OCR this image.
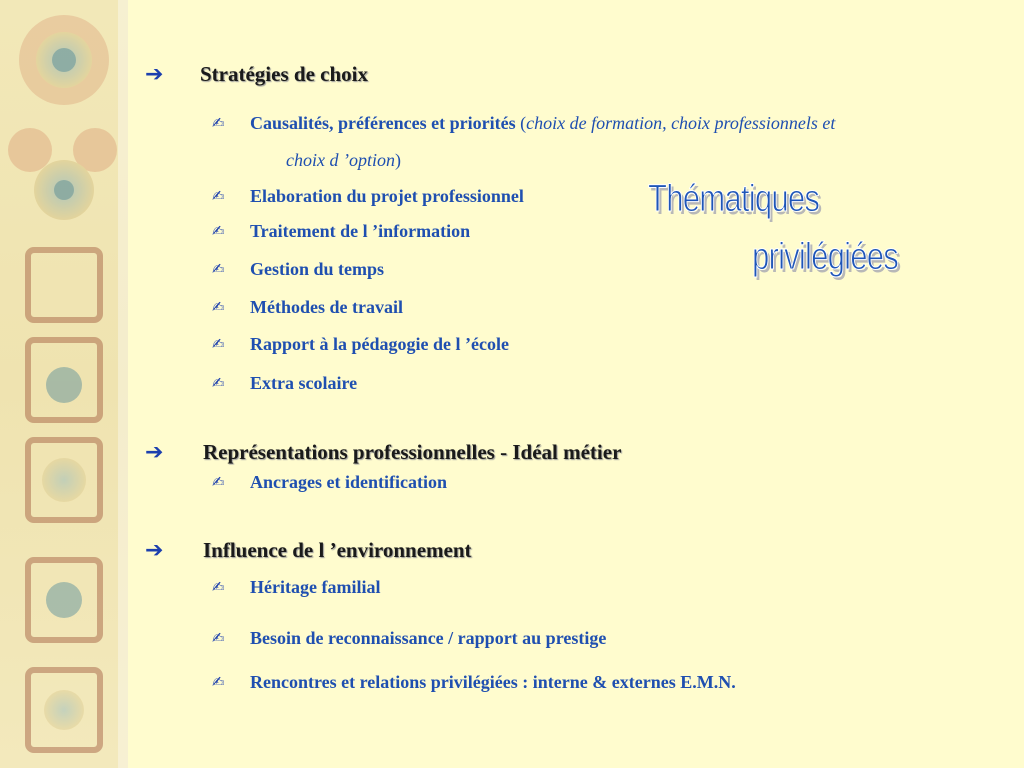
Thématiques
privilégiées
➔	Stratégies de choix
✍	Causalités, préférences et priorités (choix de formation, choix professionnels et
choix d ’option)
✍	Elaboration du projet professionnel
✍	Traitement de l ’information
✍	Gestion du temps
✍	Méthodes de travail
✍	Rapport à la pédagogie de l ’école
✍	Extra scolaire
➔	Représentations professionnelles - Idéal métier
✍	Ancrages et identification
➔	Influence de l ’environnement
✍	Héritage familial
✍	Besoin de reconnaissance / rapport au prestige
✍	Rencontres et relations privilégiées : interne & externes E.M.N.
